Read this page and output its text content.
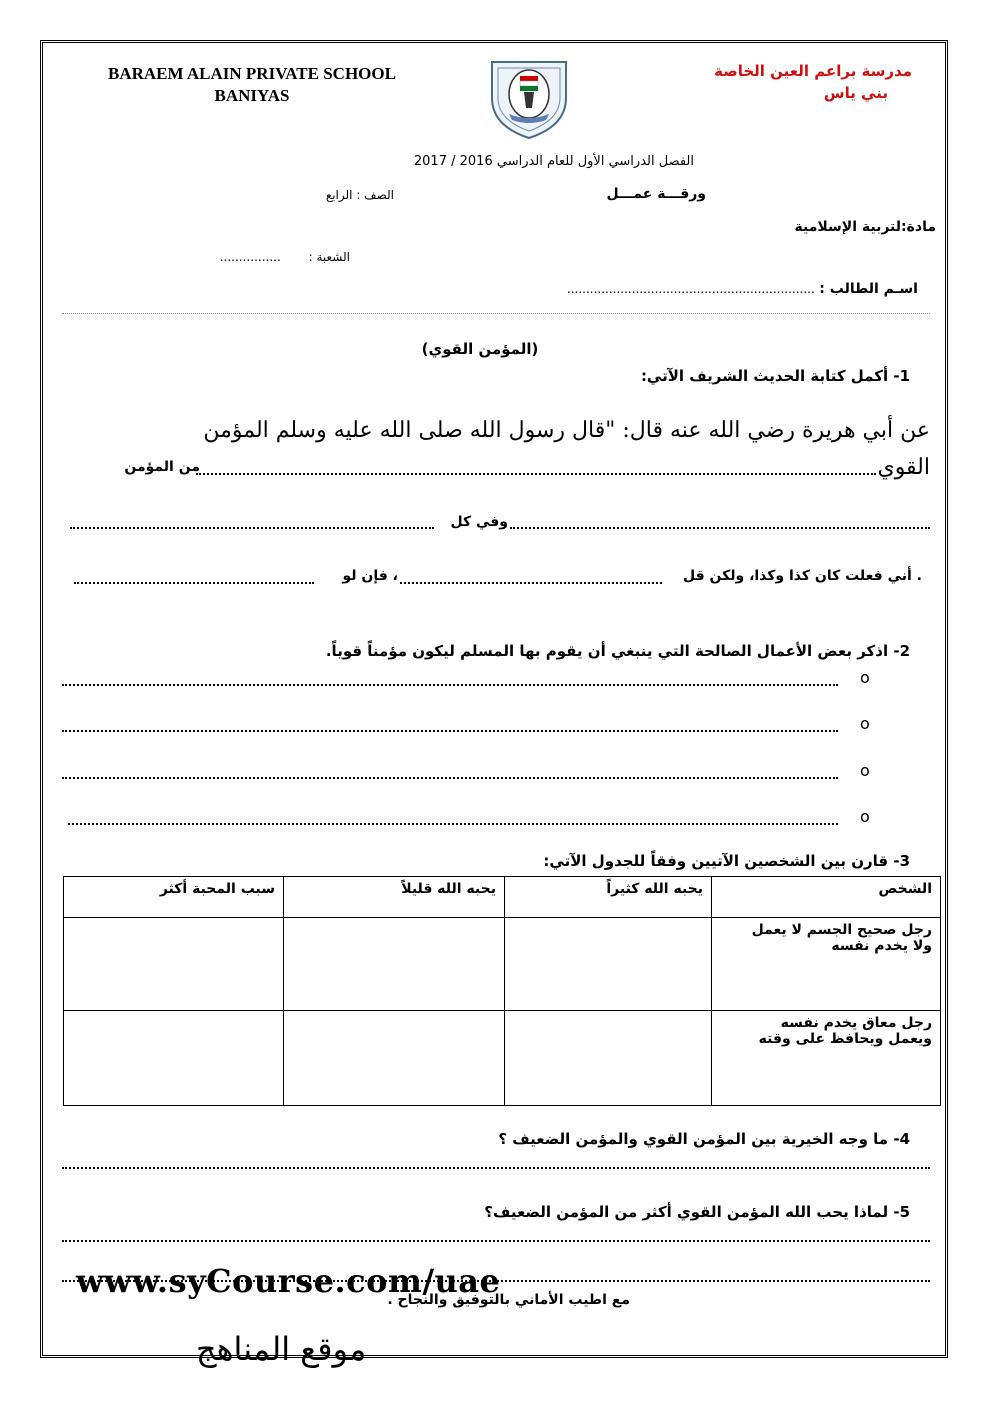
BARAEM ALAIN PRIVATE SCHOOL
BANIYAS
مدرسة براعم العين الخاصة
بني ياس
الفصل الدراسي الأول للعام الدراسي 2016 / 2017
ورقـــة عمـــل
الصف : الرابع
مادة:لتربية الإسلامية
الشعبة : ................
اسـم الطالب : .................................................................
(المؤمن القوي)
1- أكمل كتابة الحديث الشريف الآتي:
عن أبي هريرة رضي الله عنه قال: "قال رسول الله صلى الله عليه وسلم المؤمن
القوي
من المؤمن
وفي كل
. أني فعلت كان كذا وكذا، ولكن قل
، فإن لو
2- اذكر بعض الأعمال الصالحة التي ينبغي أن يقوم بها المسلم ليكون مؤمناً قوياً.
o
o
o
o
3- قارن بين الشخصين الآتيين وفقاً للجدول الآتي:
الشخص	يحبه الله كثيراً	يحبه الله قليلاً	سبب المحبة أكثر

رجل صحيح الجسم لا يعمل
ولا يخدم نفسه			

رجل معاق يخدم نفسه
ويعمل ويحافظ على وقته			

4- ما وجه الخيرية بين المؤمن القوي والمؤمن الضعيف ؟
5- لماذا يحب الله المؤمن القوي أكثر من المؤمن الضعيف؟
www.syCourse.com/uae
مع اطيب الأماني بالتوفيق والنجاح .
موقع المناهج
